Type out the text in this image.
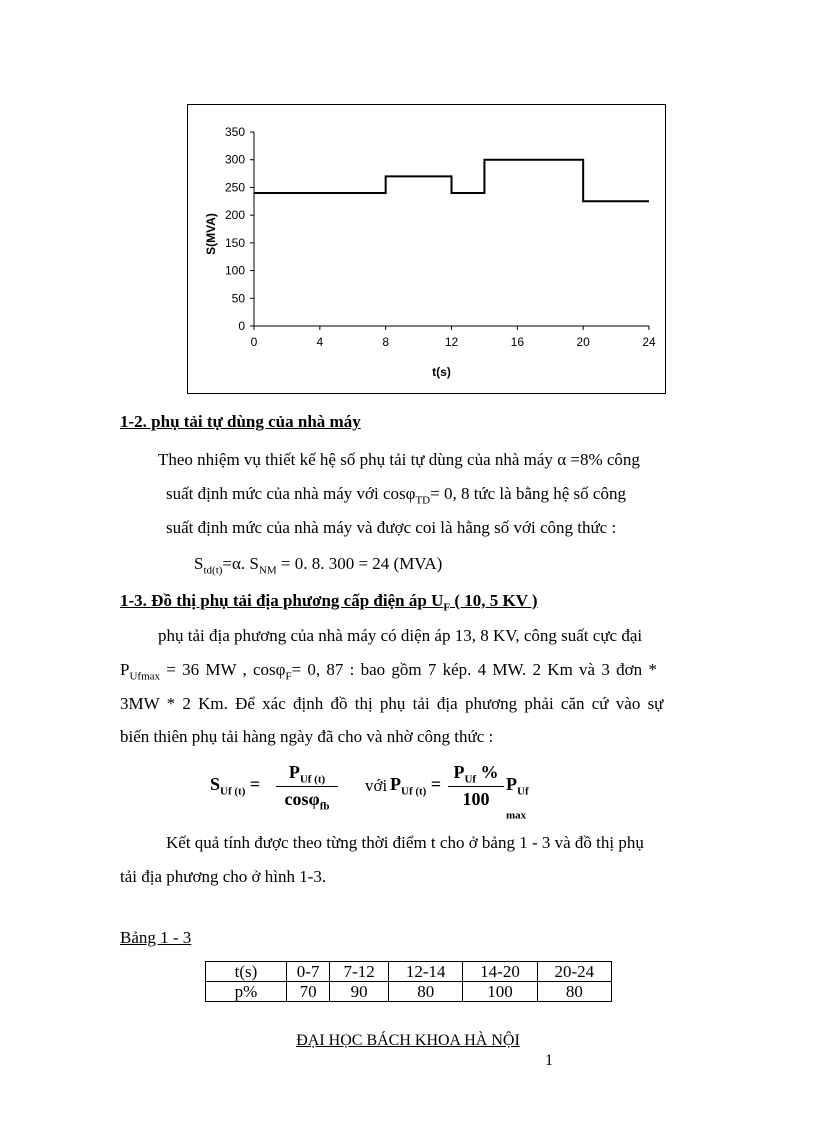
0
50
100
150
200
250
300
350
0	4	8	12	16	20	24
t(s)
S(MVA)
1-2. phụ tải tự dùng của nhà máy
Theo nhiệm vụ thiết kế hệ số phụ tải tự dùng của nhà máy α =8% công
suất định mức của nhà máy với cosφ$_{TD}$= 0, 8 tức là bằng hệ số công
suất định mức của nhà máy và được coi là hằng số với công thức :
$S_{td(t)}=\alpha$. $S_{NM} = 0$. 8. 300 = 24 (MVA)
1-3. Đồ thị phụ tải địa phương cấp điện áp $U_F$ ( 10, 5 KV )
phụ tải địa phương của nhà máy có diện áp 13, 8 KV, công suất cực đại
$P_{Ufmax} = 36$ MW , cosφ$_F$= 0, 87 : bao gồm 7 kép. 4 MW. 2 Km và 3 đơn *
3MW * 2 Km. Để xác định đồ thị phụ tải địa phương phải căn cứ vào sự
biến thiên phụ tải hàng ngày đã cho và nhờ công thức :
$S_{Uf (t)}$ =
$P_{Uf (t)}$
cosφ$_{fb}$
với $P_{Uf (t)}$ =
$P_{Uf}$ %
100
$P_{Uf max}$
Kết quả tính được theo từng thời điểm t cho ở bảng 1 - 3 và đồ thị phụ
tải địa phương cho ở hình 1-3.
Bảng 1 - 3
t(s)	0-7	7-12	12-14	14-20	20-24
p%	70	90	80	100	80
ĐẠI HỌC BÁCH KHOA HÀ NỘI
1
